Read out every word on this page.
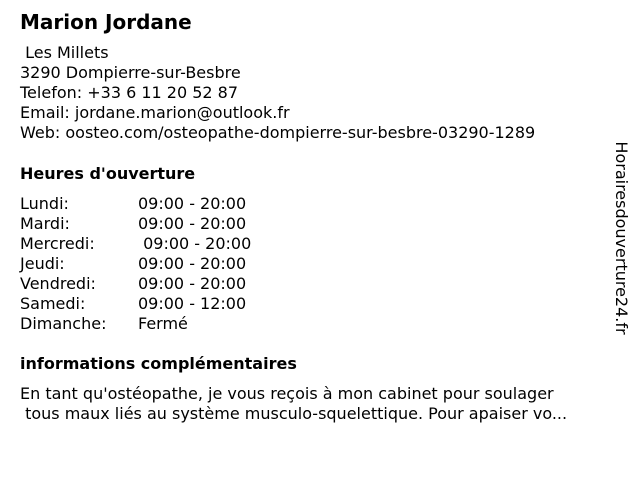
Marion Jordane
Les Millets
3290 Dompierre-sur-Besbre
Telefon: +33 6 11 20 52 87
Email: jordane.marion@outlook.fr
Web: oosteo.com/osteopathe-dompierre-sur-besbre-03290-1289
Heures d'ouverture
Lundi:	09:00 - 20:00
Mardi:	09:00 - 20:00
Mercredi:	09:00 - 20:00
Jeudi:	09:00 - 20:00
Vendredi:	09:00 - 20:00
Samedi:	09:00 - 12:00
Dimanche: Fermé
informations complémentaires
En tant qu'ostéopathe, je vous reçois à mon cabinet pour soulager
tous maux liés au système musculo-squelettique. Pour apaiser vo...
Horairesdouverture24.fr
